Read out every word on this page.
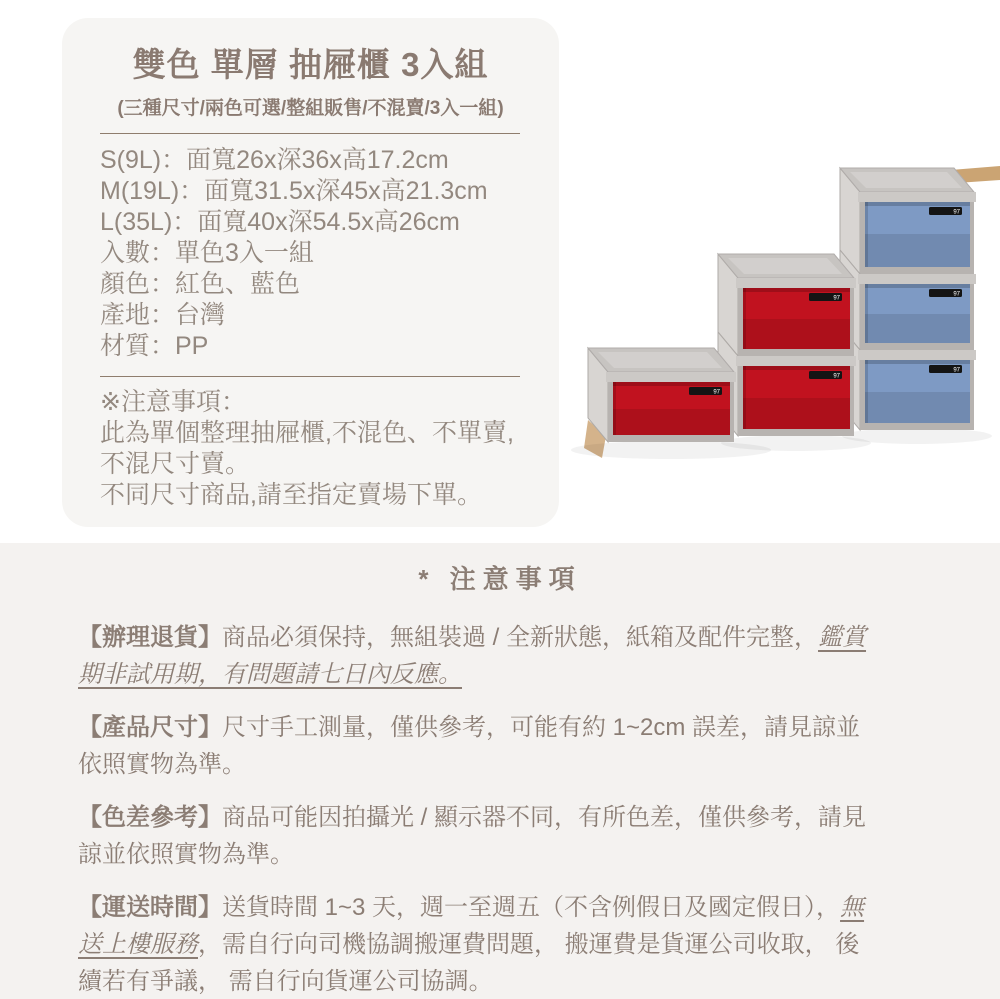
雙色 單層 抽屜櫃 3入組
(三種尺寸/兩色可選/整組販售/不混賣/3入一組)
S(9L)：面寬26x深36x高17.2cm
M(19L)：面寬31.5x深45x高21.3cm
L(35L)：面寬40x深54.5x高26cm
入數：單色3入一組
顏色：紅色、藍色
產地：台灣
材質：PP
※注意事項：
此為單個整理抽屜櫃,不混色、不單賣,
不混尺寸賣。
不同尺寸商品,請至指定賣場下單。
97
97
97
97
97
97
* 注意事項

【辦理退貨】商品必須保持，無組裝過 / 全新狀態，紙箱及配件完整，鑑賞
期非試用期，有問題請七日內反應。

【產品尺寸】尺寸手工測量，僅供參考，可能有約 1~2cm 誤差，請見諒並
依照實物為準。

【色差參考】商品可能因拍攝光 / 顯示器不同，有所色差，僅供參考，請見
諒並依照實物為準。

【運送時間】送貨時間 1~3 天，週一至週五（不含例假日及國定假日），無
送上樓服務，需自行向司機協調搬運費問題， 搬運費是貨運公司收取， 後
續若有爭議， 需自行向貨運公司協調。
